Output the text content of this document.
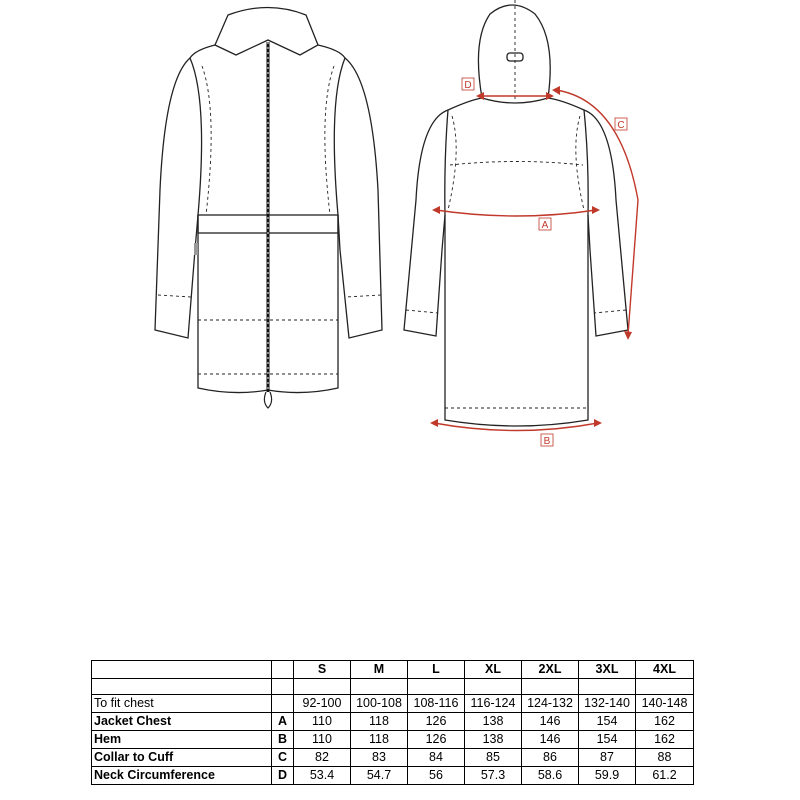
A
B
C
D
		S	M	L	XL	2XL	3XL	4XL

To fit chest		92-100	100-108	108-116	116-124	124-132	132-140	140-148
Jacket Chest	A	110	118	126	138	146	154	162
Hem	B	110	118	126	138	146	154	162
Collar to Cuff	C	82	83	84	85	86	87	88
Neck Circumference	D	53.4	54.7	56	57.3	58.6	59.9	61.2
